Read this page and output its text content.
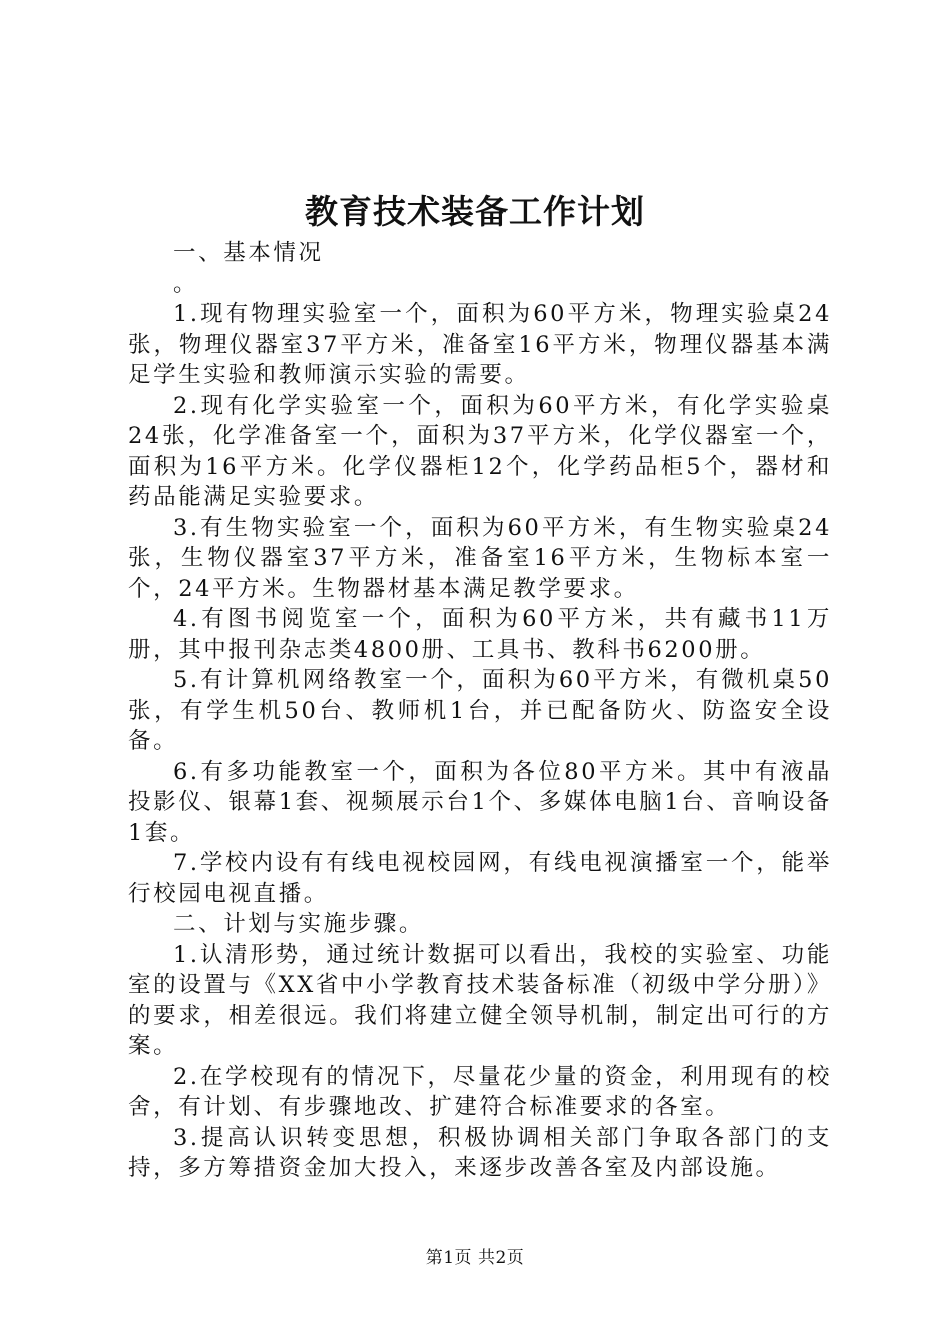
教育技术装备工作计划

一、基本情况

。

1.现有物理实验室一个，面积为60平方米，物理实验桌24张，物理仪器室37平方米，准备室16平方米，物理仪器基本满足学生实验和教师演示实验的需要。

2.现有化学实验室一个，面积为60平方米，有化学实验桌24张，化学准备室一个，面积为37平方米，化学仪器室一个，面积为16平方米。化学仪器柜12个，化学药品柜5个，器材和药品能满足实验要求。

3.有生物实验室一个，面积为60平方米，有生物实验桌24张，生物仪器室37平方米，准备室16平方米，生物标本室一个，24平方米。生物器材基本满足教学要求。

4.有图书阅览室一个，面积为60平方米，共有藏书11万册，其中报刊杂志类4800册、工具书、教科书6200册。

5.有计算机网络教室一个，面积为60平方米，有微机桌50张，有学生机50台、教师机1台，并已配备防火、防盗安全设备。

6.有多功能教室一个，面积为各位80平方米。其中有液晶投影仪、银幕1套、视频展示台1个、多媒体电脑1台、音响设备1套。

7.学校内设有有线电视校园网，有线电视演播室一个，能举行校园电视直播。

二、计划与实施步骤。

1.认清形势，通过统计数据可以看出，我校的实验室、功能室的设置与《XX省中小学教育技术装备标准（初级中学分册）》的要求，相差很远。我们将建立健全领导机制，制定出可行的方案。

2.在学校现有的情况下，尽量花少量的资金，利用现有的校舍，有计划、有步骤地改、扩建符合标准要求的各室。

3.提高认识转变思想，积极协调相关部门争取各部门的支持，多方筹措资金加大投入，来逐步改善各室及内部设施。

第1页 共2页
